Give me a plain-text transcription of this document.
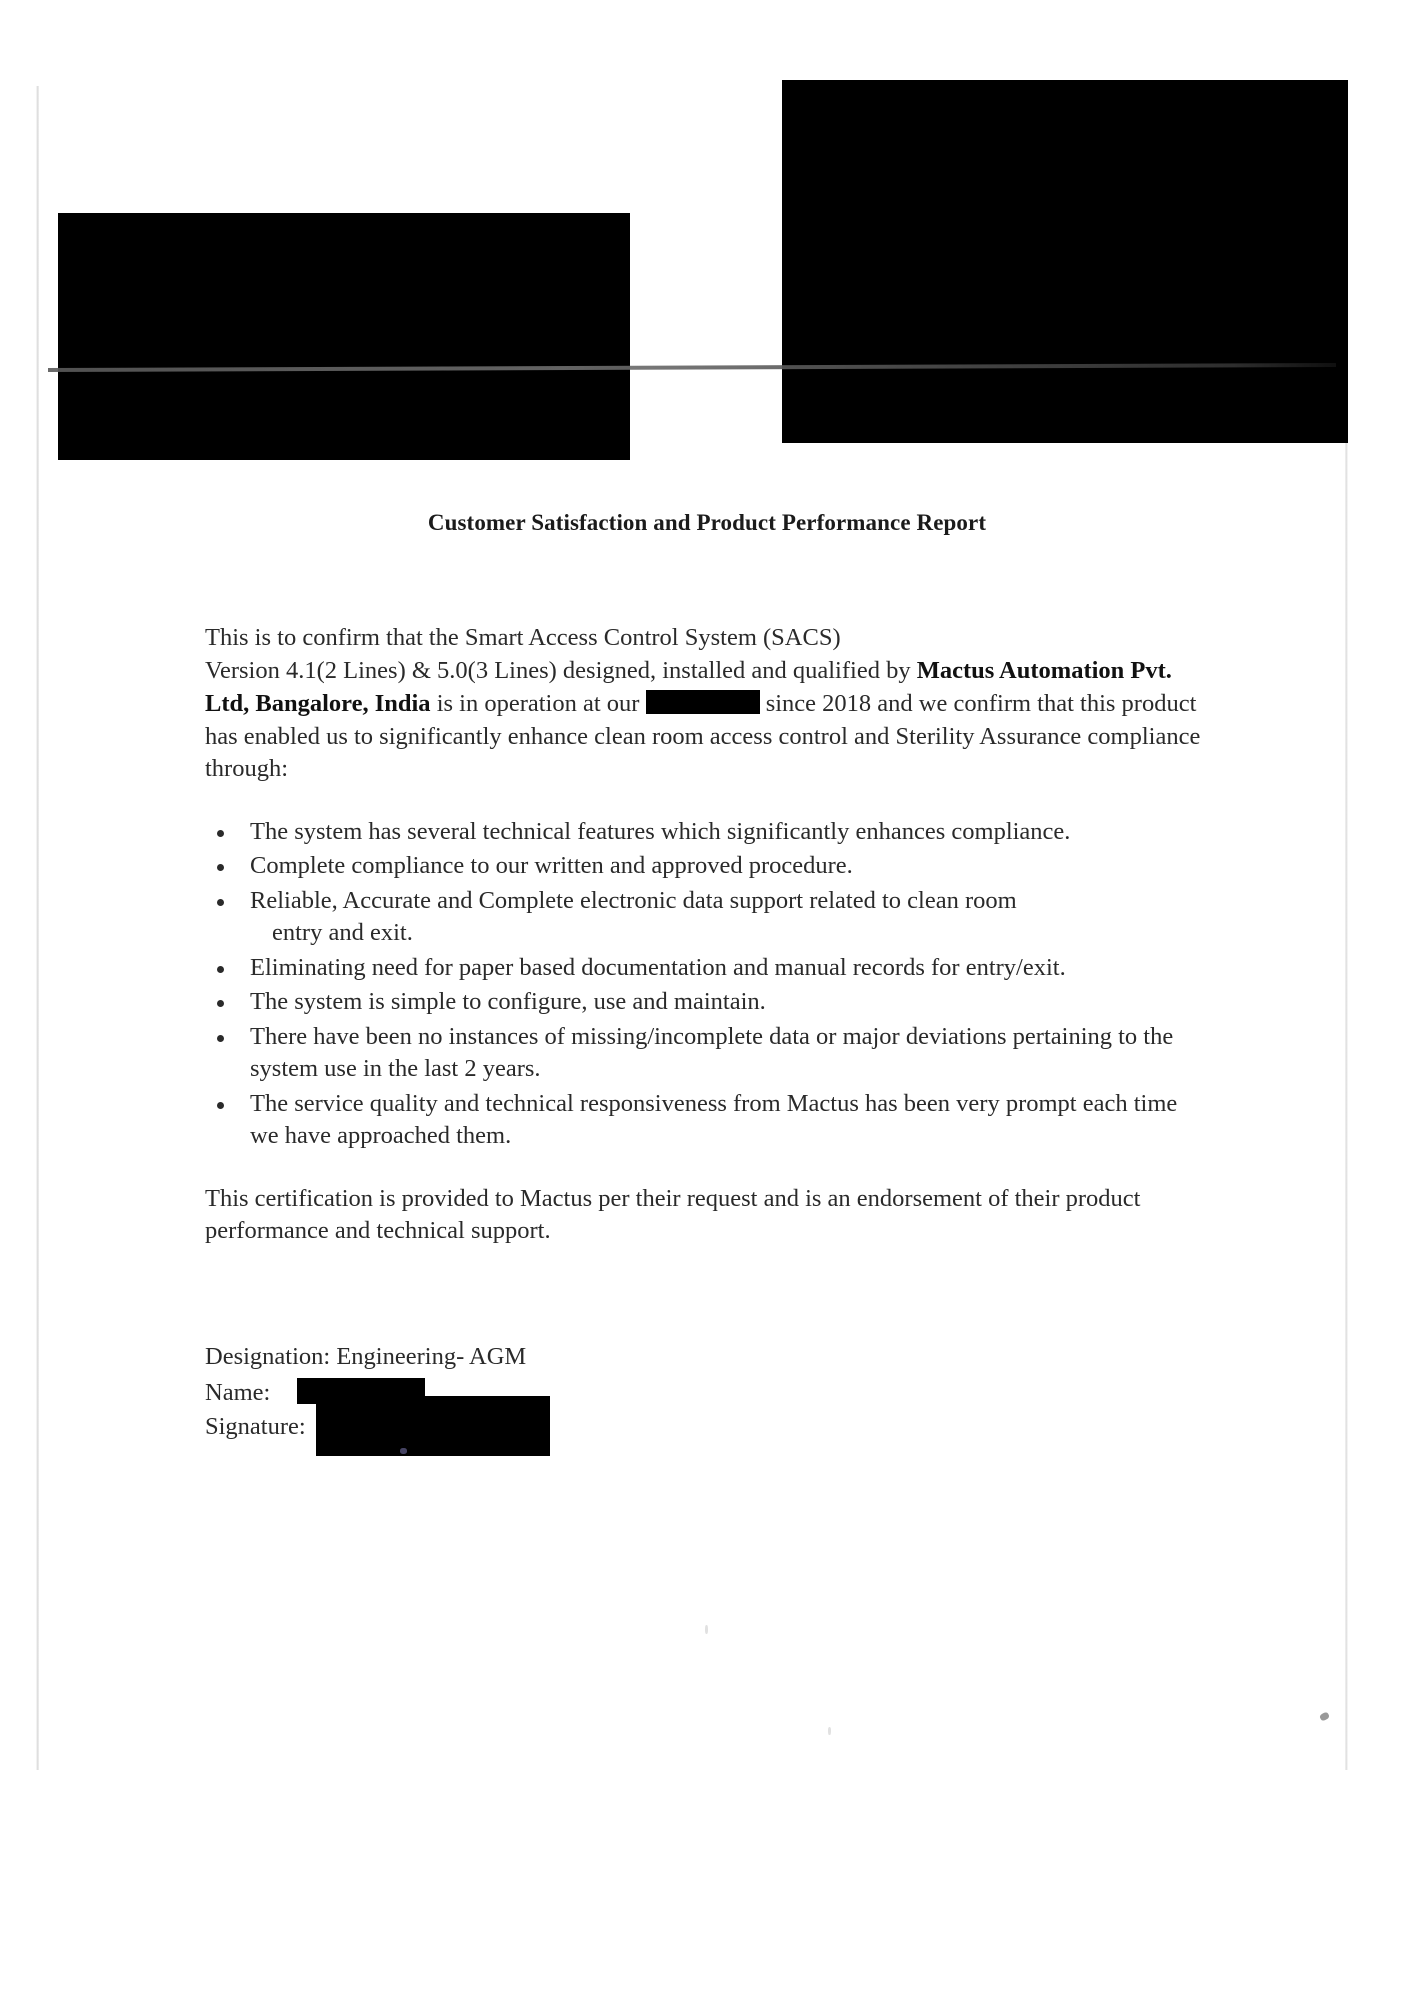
Customer Satisfaction and Product Performance Report

This is to confirm that the Smart Access Control System (SACS)
Version 4.1(2 Lines) & 5.0(3 Lines) designed, installed and qualified by Mactus Automation Pvt. Ltd, Bangalore, India is in operation at our	since 2018 and we confirm that this product has enabled us to significantly enhance clean room access control and Sterility Assurance compliance through:

The system has several technical features which significantly enhances compliance.
Complete compliance to our written and approved procedure.
Reliable, Accurate and Complete electronic data support related to clean room
entry and exit.
Eliminating need for paper based documentation and manual records for entry/exit.
The system is simple to configure, use and maintain.
There have been no instances of missing/incomplete data or major deviations pertaining to the system use in the last 2 years.
The service quality and technical responsiveness from Mactus has been very prompt each time we have approached them.

This certification is provided to Mactus per their request and is an endorsement of their product performance and technical support.

Designation: Engineering- AGM
Name:
Signature:
